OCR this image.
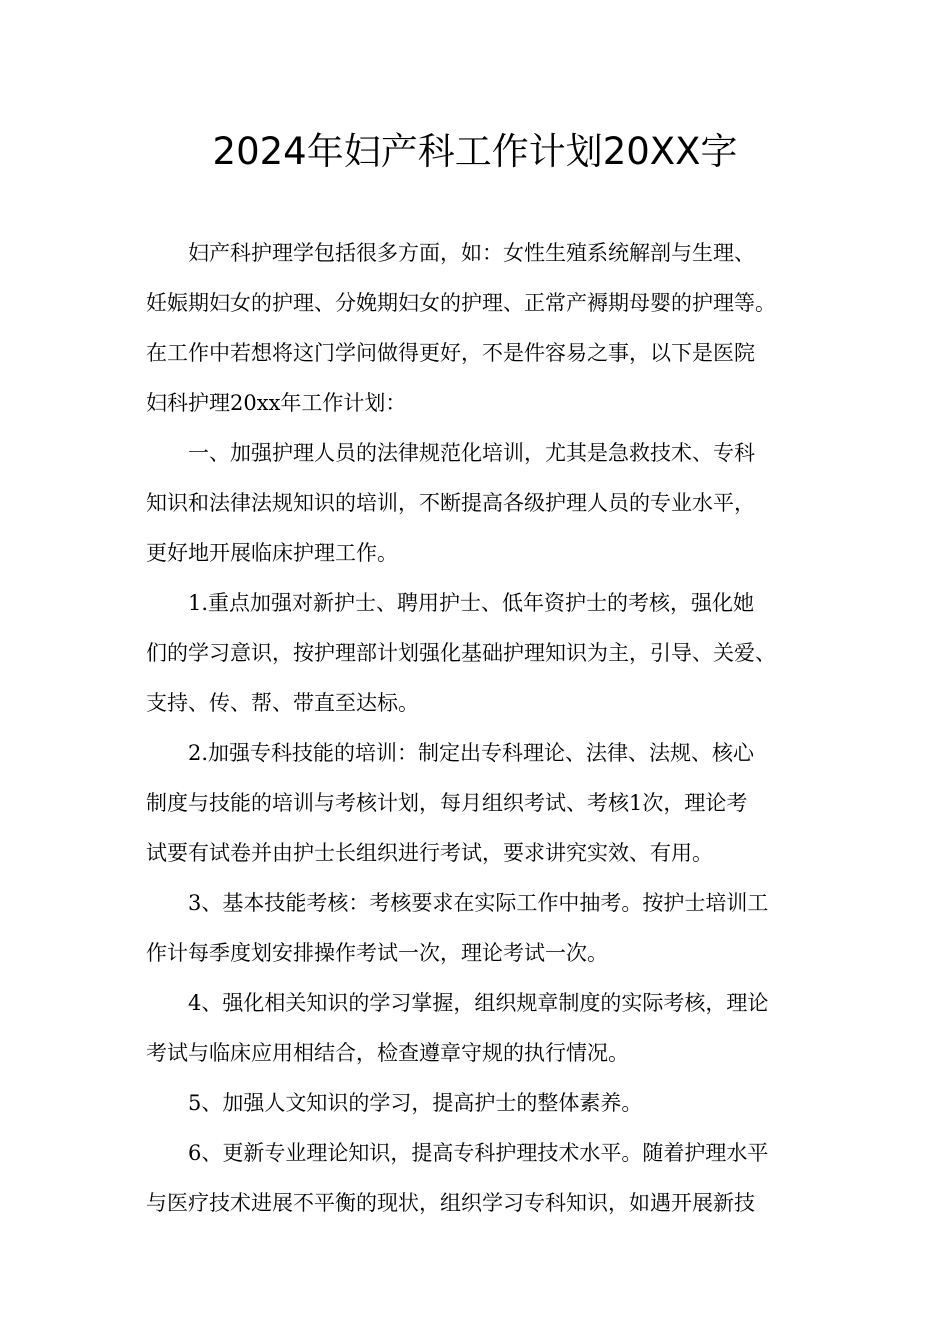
2024年妇产科工作计划20XX字
妇产科护理学包括很多方面，如：女性生殖系统解剖与生理、
妊娠期妇女的护理、分娩期妇女的护理、正常产褥期母婴的护理等。
在工作中若想将这门学问做得更好，不是件容易之事，以下是医院
妇科护理20xx年工作计划：
一、加强护理人员的法律规范化培训，尤其是急救技术、专科
知识和法律法规知识的培训，不断提高各级护理人员的专业水平，
更好地开展临床护理工作。
1.重点加强对新护士、聘用护士、低年资护士的考核，强化她
们的学习意识，按护理部计划强化基础护理知识为主，引导、关爱、
支持、传、帮、带直至达标。
2.加强专科技能的培训：制定出专科理论、法律、法规、核心
制度与技能的培训与考核计划，每月组织考试、考核1次，理论考
试要有试卷并由护士长组织进行考试，要求讲究实效、有用。
3、基本技能考核：考核要求在实际工作中抽考。按护士培训工
作计每季度划安排操作考试一次，理论考试一次。
4、强化相关知识的学习掌握，组织规章制度的实际考核，理论
考试与临床应用相结合，检查遵章守规的执行情况。
5、加强人文知识的学习，提高护士的整体素养。
6、更新专业理论知识，提高专科护理技术水平。随着护理水平
与医疗技术进展不平衡的现状，组织学习专科知识，如遇开展新技
